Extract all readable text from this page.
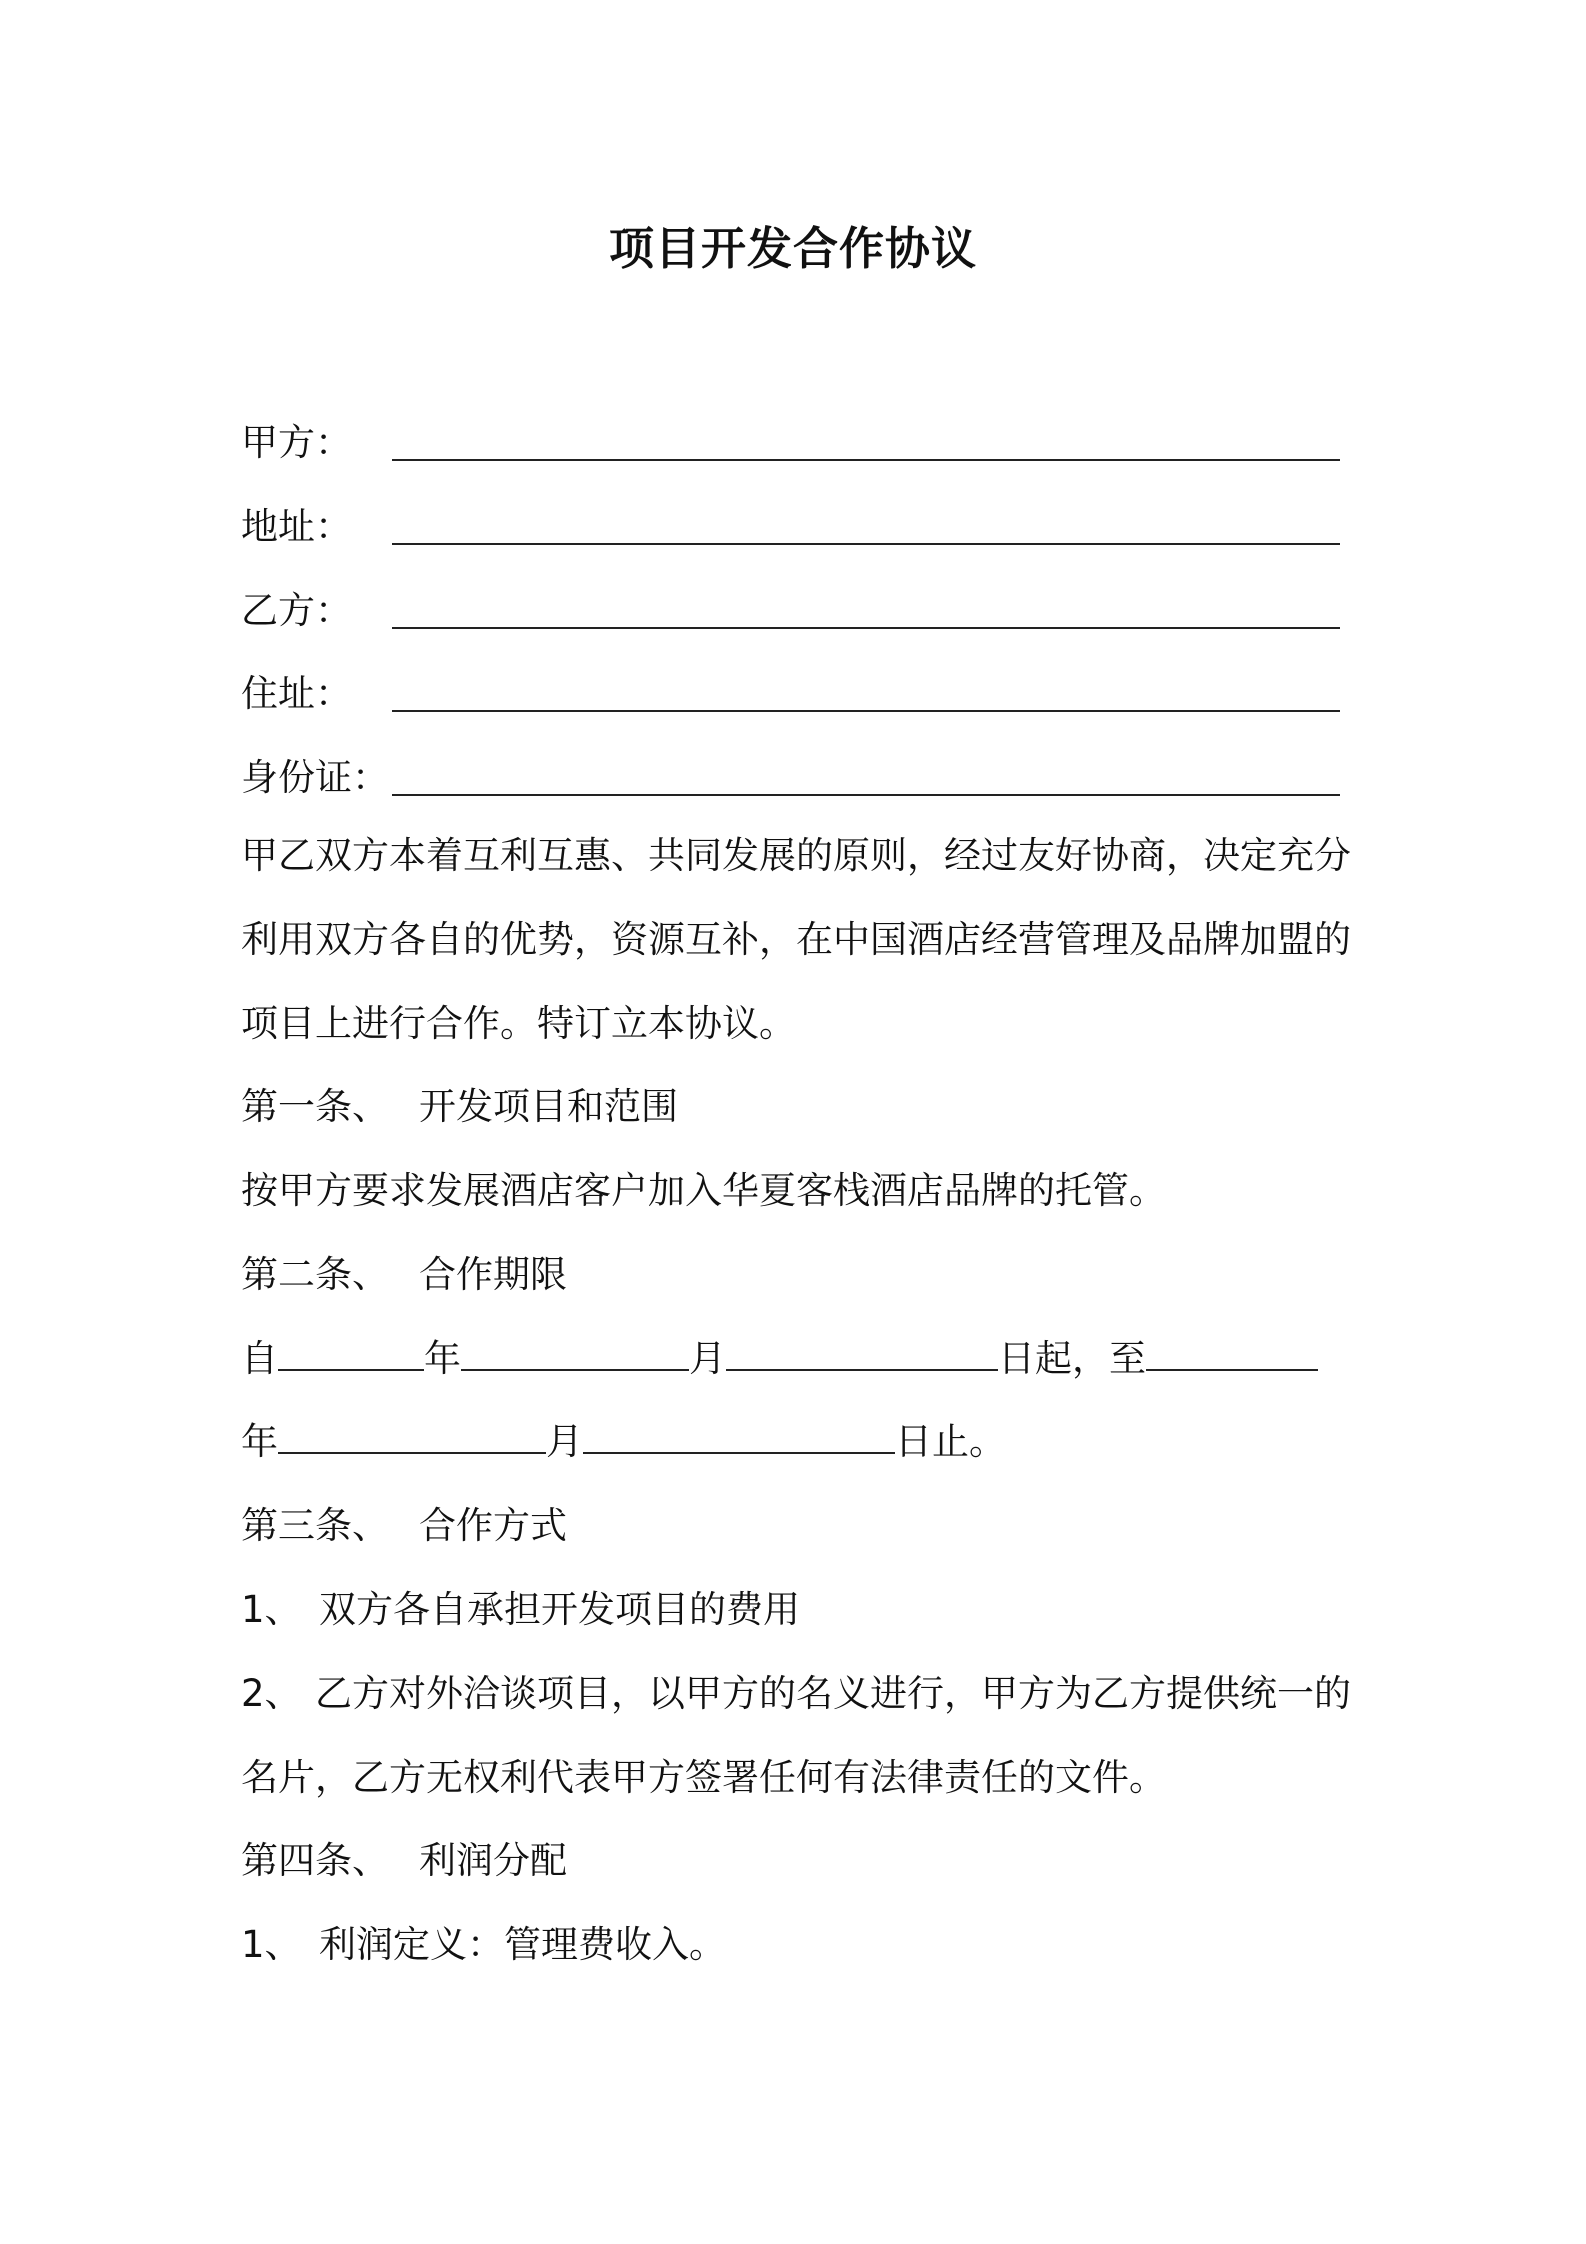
项目开发合作协议
甲方：
地址：
乙方：
住址：
身份证：
甲乙双方本着互利互惠、共同发展的原则，经过友好协商，决定充分
利用双方各自的优势，资源互补，在中国酒店经营管理及品牌加盟的
项目上进行合作。特订立本协议。
第一条、 开发项目和范围
按甲方要求发展酒店客户加入华夏客栈酒店品牌的托管。
第二条、 合作期限
自	年	月	日起，至
年	月	日止。
第三条、 合作方式
1、 双方各自承担开发项目的费用
2、 乙方对外洽谈项目，以甲方的名义进行，甲方为乙方提供统一的
名片，乙方无权利代表甲方签署任何有法律责任的文件。
第四条、 利润分配
1、 利润定义：管理费收入。
